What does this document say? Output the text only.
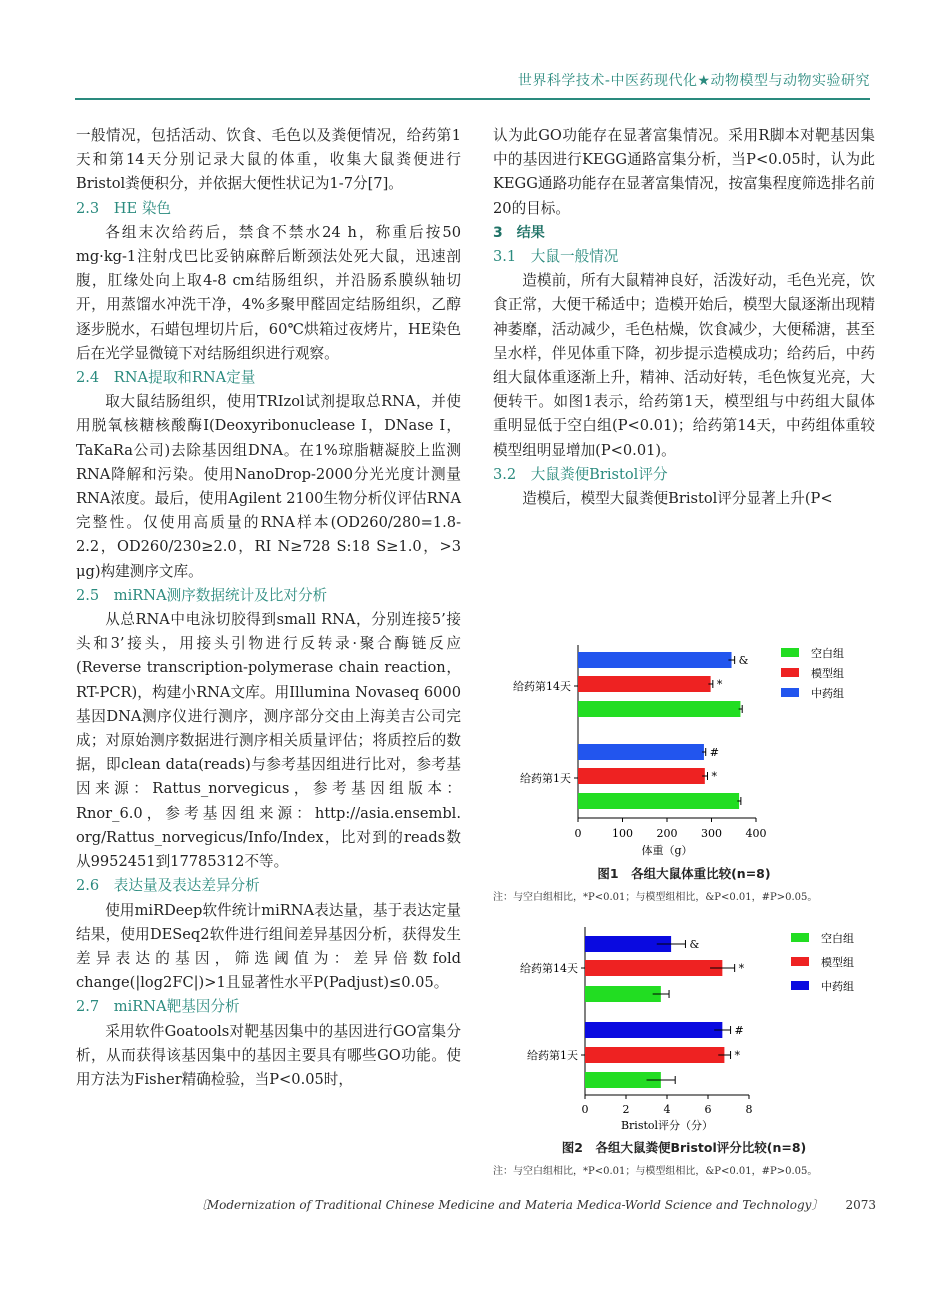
世界科学技术-中医药现代化★动物模型与动物实验研究

一般情况，包括活动、饮食、毛色以及粪便情况，给药第1天和第14天分别记录大鼠的体重，收集大鼠粪便进行Bristol粪便积分，并依据大便性状记为1-7分[7]。

2.3　HE 染色

各组末次给药后，禁食不禁水24 h，称重后按50 mg·kg-1注射戊巴比妥钠麻醉后断颈法处死大鼠，迅速剖腹，肛缘处向上取4-8 cm结肠组织，并沿肠系膜纵轴切开，用蒸馏水冲洗干净，4%多聚甲醛固定结肠组织，乙醇逐步脱水，石蜡包埋切片后，60℃烘箱过夜烤片，HE染色后在光学显微镜下对结肠组织进行观察。

2.4　RNA提取和RNA定量

取大鼠结肠组织，使用TRIzol试剂提取总RNA，并使用脱氧核糖核酸酶I(Deoxyribonuclease I，DNase I，TaKaRa公司)去除基因组DNA。在1%琼脂糖凝胶上监测RNA降解和污染。使用NanoDrop-2000分光光度计测量RNA浓度。最后，使用Agilent 2100生物分析仪评估RNA完整性。仅使用高质量的RNA样本(OD260/280=1.8-2.2，OD260/230≥2.0，RI N≥728 S:18 S≥1.0，>3 μg)构建测序文库。

2.5　miRNA测序数据统计及比对分析

从总RNA中电泳切胶得到small RNA，分别连接5’接头和3’接头，用接头引物进行反转录·聚合酶链反应(Reverse transcription-polymerase chain reaction，RT-PCR)，构建小RNA文库。用Illumina Novaseq 6000基因DNA测序仪进行测序，测序部分交由上海美吉公司完成；对原始测序数据进行测序相关质量评估；将质控后的数据，即clean data(reads)与参考基因组进行比对，参考基因来源：Rattus_norvegicus，参考基因组版本：Rnor_6.0，参考基因组来源：http://asia.ensembl. org/Rattus_norvegicus/Info/Index，比对到的reads数从9952451到17785312不等。

2.6　表达量及表达差异分析

使用miRDeep软件统计miRNA表达量，基于表达定量结果，使用DESeq2软件进行组间差异基因分析，获得发生差异表达的基因，筛选阈值为：差异倍数fold change(|log2FC|)>1且显著性水平P(Padjust)≤0.05。

2.7　miRNA靶基因分析

采用软件Goatools对靶基因集中的基因进行GO富集分析，从而获得该基因集中的基因主要具有哪些GO功能。使用方法为Fisher精确检验，当P<0.05时，

认为此GO功能存在显著富集情况。采用R脚本对靶基因集中的基因进行KEGG通路富集分析，当P<0.05时，认为此KEGG通路功能存在显著富集情况，按富集程度筛选排名前20的目标。

3　结果

3.1　大鼠一般情况

造模前，所有大鼠精神良好，活泼好动，毛色光亮，饮食正常，大便干稀适中；造模开始后，模型大鼠逐渐出现精神萎靡，活动减少，毛色枯燥，饮食减少，大便稀溏，甚至呈水样，伴见体重下降，初步提示造模成功；给药后，中药组大鼠体重逐渐上升，精神、活动好转，毛色恢复光亮，大便转干。如图1表示，给药第1天，模型组与中药组大鼠体重明显低于空白组(P<0.01)；给药第14天，中药组体重较模型组明显增加(P<0.01)。

3.2　大鼠粪便Bristol评分

造模后，模型大鼠粪便Bristol评分显著上升(P<

0	100 200 300 400
体重（g）
给药第14天
给药第1天
&
*
#
*
空白组
模型组
中药组
图1　各组大鼠体重比较(n=8)
注：与空白组相比，*P<0.01；与模型组相比，&P<0.01，#P>0.05。
0	2	4	6	8
Bristol评分（分）
给药第14天
给药第1天
&
*
#
*
空白组
模型组
中药组
图2　各组大鼠粪便Bristol评分比较(n=8)
注：与空白组相比，*P<0.01；与模型组相比，&P<0.01，#P>0.05。
〔Modernization of Traditional Chinese Medicine and Materia Medica-World Science and Technology〕 2073
